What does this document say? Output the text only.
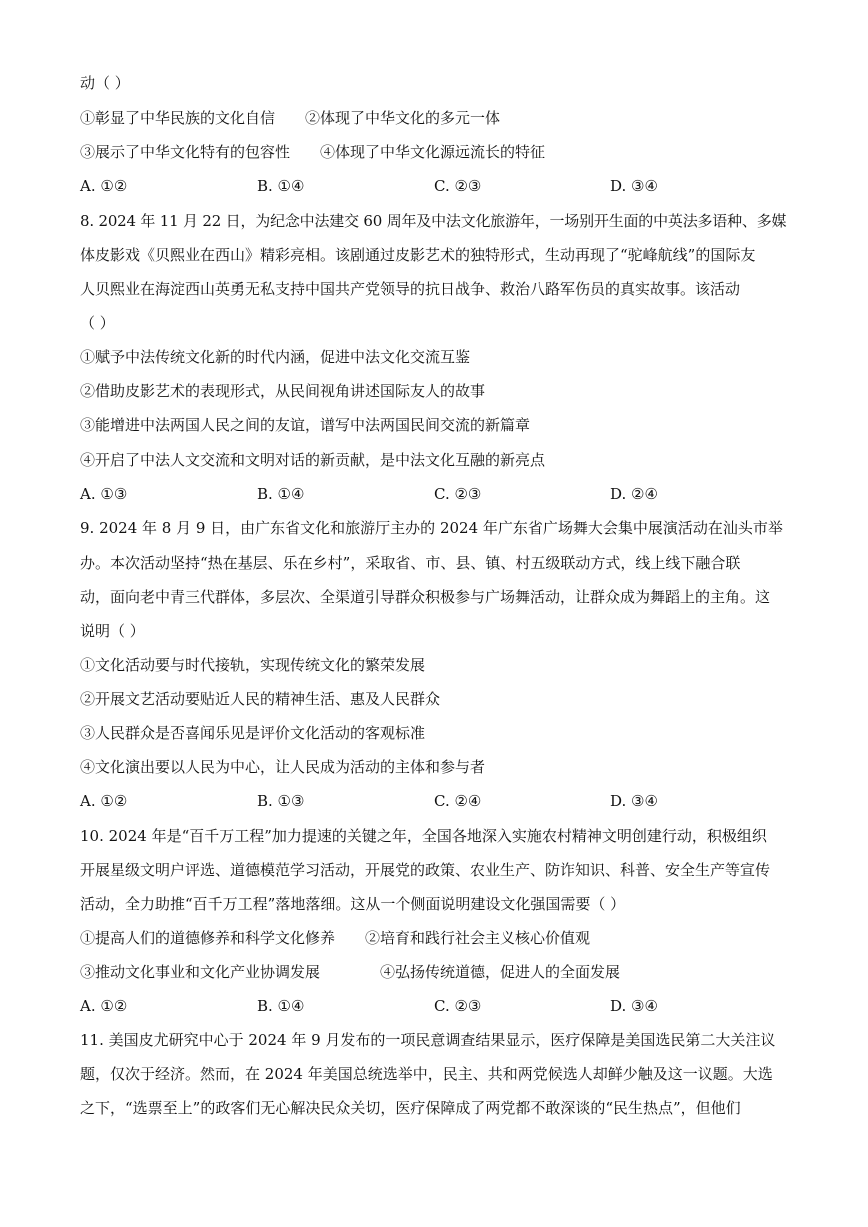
动（ ）
①彰显了中华民族的文化自信　　②体现了中华文化的多元一体
③展示了中华文化特有的包容性　　④体现了中华文化源远流长的特征
A. ①②	B. ①④	C. ②③	D. ③④
8. 2024 年 11 月 22 日，为纪念中法建交 60 周年及中法文化旅游年，一场别开生面的中英法多语种、多媒
体皮影戏《贝熙业在西山》精彩亮相。该剧通过皮影艺术的独特形式，生动再现了“驼峰航线”的国际友
人贝熙业在海淀西山英勇无私支持中国共产党领导的抗日战争、救治八路军伤员的真实故事。该活动
（ ）
①赋予中法传统文化新的时代内涵，促进中法文化交流互鉴
②借助皮影艺术的表现形式，从民间视角讲述国际友人的故事
③能增进中法两国人民之间的友谊，谱写中法两国民间交流的新篇章
④开启了中法人文交流和文明对话的新贡献，是中法文化互融的新亮点
A. ①③	B. ①④	C. ②③	D. ②④
9. 2024 年 8 月 9 日，由广东省文化和旅游厅主办的 2024 年广东省广场舞大会集中展演活动在汕头市举
办。本次活动坚持“热在基层、乐在乡村”，采取省、市、县、镇、村五级联动方式，线上线下融合联
动，面向老中青三代群体，多层次、全渠道引导群众积极参与广场舞活动，让群众成为舞蹈上的主角。这
说明（ ）
①文化活动要与时代接轨，实现传统文化的繁荣发展
②开展文艺活动要贴近人民的精神生活、惠及人民群众
③人民群众是否喜闻乐见是评价文化活动的客观标准
④文化演出要以人民为中心，让人民成为活动的主体和参与者
A. ①②	B. ①③	C. ②④	D. ③④
10. 2024 年是“百千万工程”加力提速的关键之年，全国各地深入实施农村精神文明创建行动，积极组织
开展星级文明户评选、道德模范学习活动，开展党的政策、农业生产、防诈知识、科普、安全生产等宣传
活动，全力助推“百千万工程”落地落细。这从一个侧面说明建设文化强国需要（ ）
①提高人们的道德修养和科学文化修养　　②培育和践行社会主义核心价值观
③推动文化事业和文化产业协调发展　　　　④弘扬传统道德，促进人的全面发展
A. ①②	B. ①④	C. ②③	D. ③④
11. 美国皮尤研究中心于 2024 年 9 月发布的一项民意调查结果显示，医疗保障是美国选民第二大关注议
题，仅次于经济。然而，在 2024 年美国总统选举中，民主、共和两党候选人却鲜少触及这一议题。大选
之下，“选票至上”的政客们无心解决民众关切，医疗保障成了两党都不敢深谈的“民生热点”，但他们
